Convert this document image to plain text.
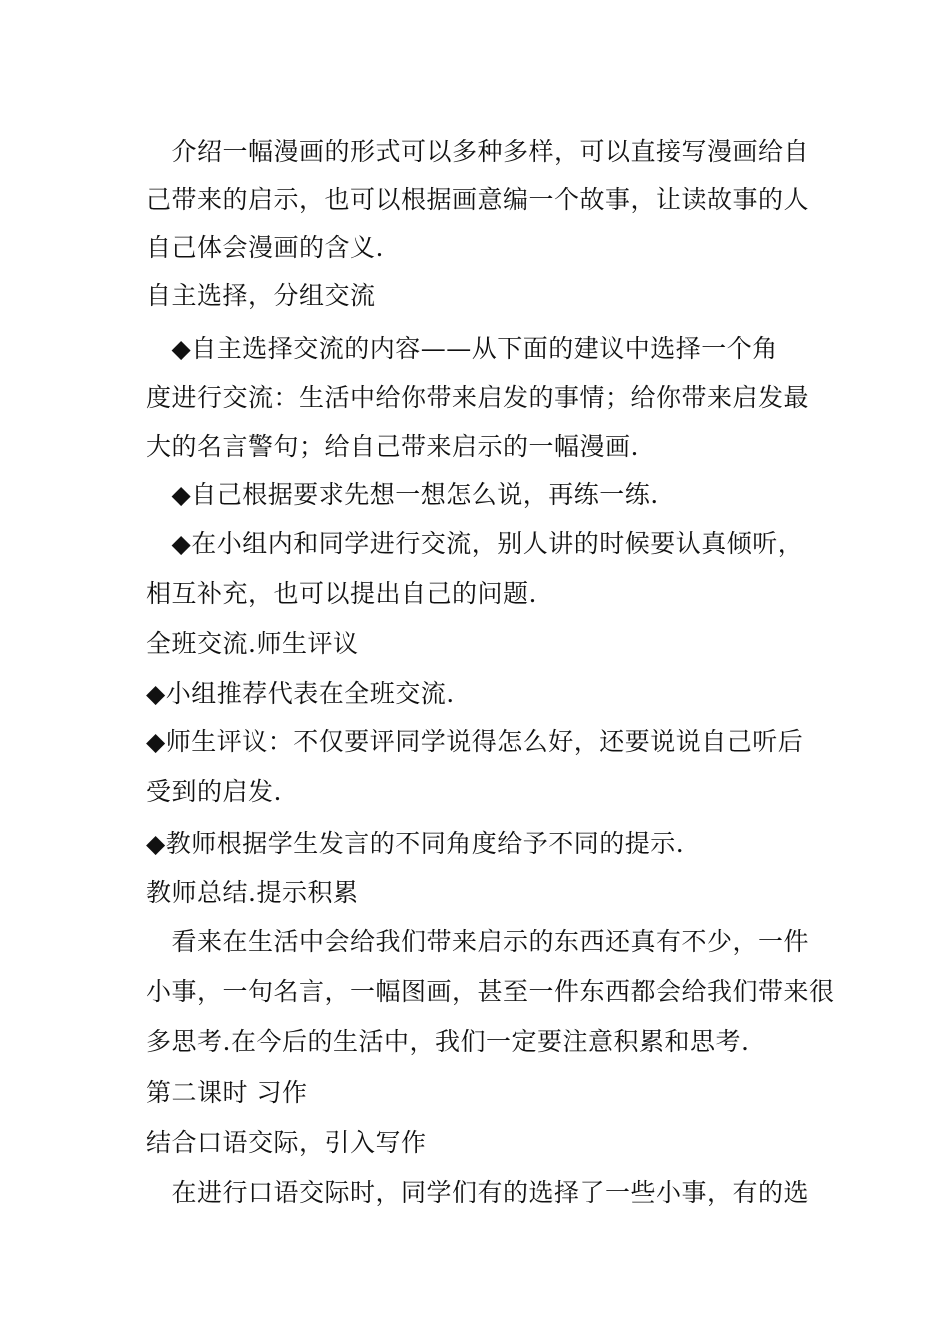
　介绍一幅漫画的形式可以多种多样，可以直接写漫画给自
己带来的启示，也可以根据画意编一个故事，让读故事的人
自己体会漫画的含义.
自主选择，分组交流
　◆自主选择交流的内容——从下面的建议中选择一个角
度进行交流：生活中给你带来启发的事情；给你带来启发最
大的名言警句；给自己带来启示的一幅漫画.
　◆自己根据要求先想一想怎么说，再练一练.
　◆在小组内和同学进行交流，别人讲的时候要认真倾听，
相互补充，也可以提出自己的问题.
全班交流.师生评议
◆小组推荐代表在全班交流.
◆师生评议：不仅要评同学说得怎么好，还要说说自己听后
受到的启发.
◆教师根据学生发言的不同角度给予不同的提示.
教师总结.提示积累
　看来在生活中会给我们带来启示的东西还真有不少，一件
小事，一句名言，一幅图画，甚至一件东西都会给我们带来很
多思考.在今后的生活中，我们一定要注意积累和思考.
第二课时 习作
结合口语交际，引入写作
　在进行口语交际时，同学们有的选择了一些小事，有的选
